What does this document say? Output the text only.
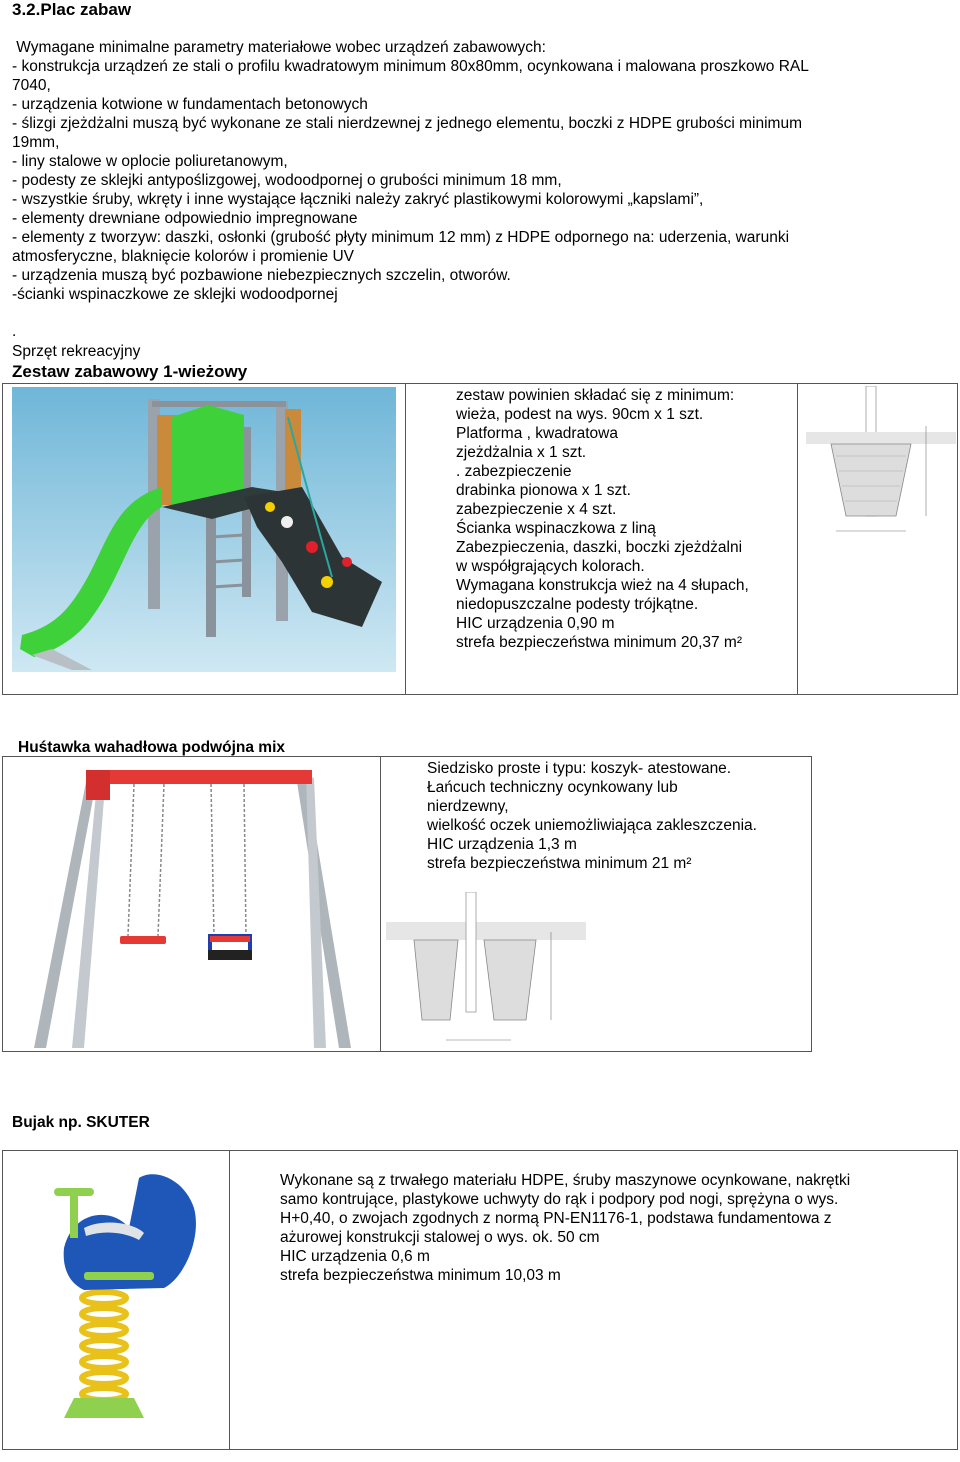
3.2.Plac zabaw
Wymagane minimalne parametry materiałowe wobec urządzeń zabawowych:
- konstrukcja urządzeń ze stali o profilu kwadratowym minimum 80x80mm, ocynkowana i malowana proszkowo RAL
7040,
- urządzenia kotwione w fundamentach betonowych
- ślizgi zjeżdżalni muszą być wykonane ze stali nierdzewnej z jednego elementu, boczki z HDPE grubości minimum
19mm,
- liny stalowe w oplocie poliuretanowym,
- podesty ze sklejki antypoślizgowej, wodoodpornej o grubości minimum 18 mm,
- wszystkie śruby, wkręty i inne wystające łączniki należy zakryć plastikowymi kolorowymi „kapslami”,
- elementy drewniane odpowiednio impregnowane
- elementy z tworzyw: daszki, osłonki (grubość płyty minimum 12 mm) z HDPE odpornego na: uderzenia, warunki
atmosferyczne, blaknięcie kolorów i promienie UV
- urządzenia muszą być pozbawione niebezpiecznych szczelin, otworów.
-ścianki wspinaczkowe ze sklejki wodoodpornej
.
Sprzęt rekreacyjny
Zestaw zabawowy 1-wieżowy
zestaw powinien składać się z minimum:
wieża, podest na wys. 90cm x 1 szt.
Platforma , kwadratowa
zjeżdżalnia x 1 szt.
. zabezpieczenie
drabinka pionowa x 1 szt.
zabezpieczenie x 4 szt.
Ścianka wspinaczkowa z liną
Zabezpieczenia, daszki, boczki zjeżdżalni
w współgrających kolorach.
Wymagana konstrukcja wież na 4 słupach,
niedopuszczalne podesty trójkątne.
HIC urządzenia 0,90 m
strefa bezpieczeństwa minimum 20,37 m²
Huśtawka wahadłowa podwójna mix
Siedzisko proste i typu: koszyk- atestowane.
Łańcuch techniczny ocynkowany lub
nierdzewny,
wielkość oczek uniemożliwiająca zakleszczenia.
HIC urządzenia 1,3 m
strefa bezpieczeństwa minimum 21 m²
Bujak np. SKUTER
Wykonane są z trwałego materiału HDPE, śruby maszynowe ocynkowane, nakrętki
samo kontrujące, plastykowe uchwyty do rąk i podpory pod nogi, sprężyna o wys.
H+0,40, o zwojach zgodnych z normą PN-EN1176-1, podstawa fundamentowa z
ażurowej konstrukcji stalowej o wys. ok. 50 cm
HIC urządzenia 0,6 m
strefa bezpieczeństwa minimum 10,03 m
